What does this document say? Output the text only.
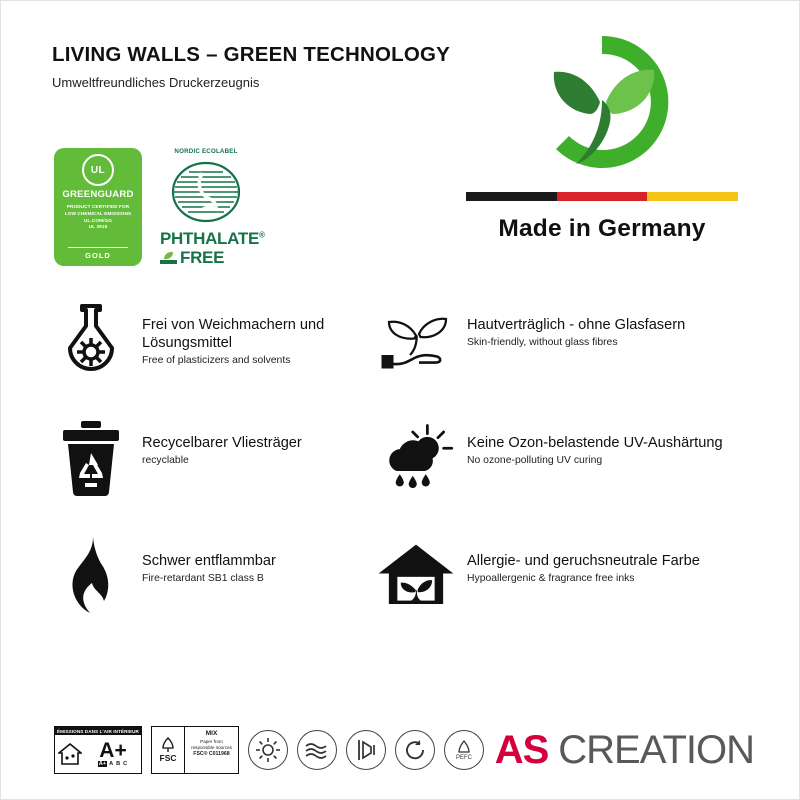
LIVING WALLS – GREEN TECHNOLOGY

Umweltfreundliches Druckerzeugnis

UL
GREENGUARD
PRODUCT CERTIFIED FOR
LOW CHEMICAL EMISSIONS
UL.COM/GG
UL 2818
GOLD
NORDIC ECOLABEL
PHTHALATE®
FREE
Made in Germany

Frei von Weichmachern und Lösungsmittel

Free of plasticizers and solvents

Hautverträglich - ohne Glasfasern

Skin-friendly, without glass fibres

Recycelbarer Vliesträger

recyclable

Keine Ozon-belastende UV-Aushärtung

No ozone-polluting UV curing

Schwer entflammbar

Fire-retardant SB1 class B

Allergie- und geruchsneutrale Farbe

Hypoallergenic & fragrance free inks

ÉMISSIONS DANS L'AIR INTÉRIEUR
A+
A+ A B C
FSC
MIX
Paper from
responsible sources
FSC® C011968
PEFC AS CREATION
